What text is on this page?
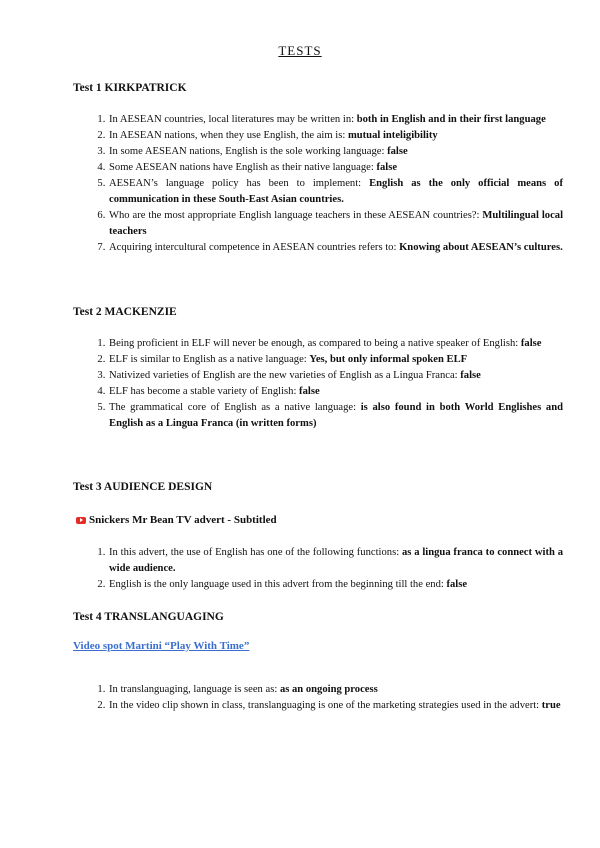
TESTS
Test 1 KIRKPATRICK
1. In AESEAN countries, local literatures may be written in: both in English and in their first language
2. In AESEAN nations, when they use English, the aim is: mutual inteligibility
3. In some AESEAN nations, English is the sole working language: false
4. Some AESEAN nations have English as their native language: false
5. AESEAN’s language policy has been to implement: English as the only official means of communication in these South-East Asian countries.
6. Who are the most appropriate English language teachers in these AESEAN countries?: Multilingual local teachers
7. Acquiring intercultural competence in AESEAN countries refers to: Knowing about AESEAN’s cultures.
Test 2 MACKENZIE
1. Being proficient in ELF will never be enough, as compared to being a native speaker of English: false
2. ELF is similar to English as a native language: Yes, but only informal spoken ELF
3. Nativized varieties of English are the new varieties of English as a Lingua Franca: false
4. ELF has become a stable variety of English: false
5. The grammatical core of English as a native language: is also found in both World Englishes and English as a Lingua Franca (in written forms)
Test 3 AUDIENCE DESIGN
Snickers Mr Bean TV advert - Subtitled
1. In this advert, the use of English has one of the following functions: as a lingua franca to connect with a wide audience.
2. English is the only language used in this advert from the beginning till the end: false
Test 4 TRANSLANGUAGING
Video spot Martini “Play With Time”
1. In translanguaging, language is seen as: as an ongoing process
2. In the video clip shown in class, translanguaging is one of the marketing strategies used in the advert: true
